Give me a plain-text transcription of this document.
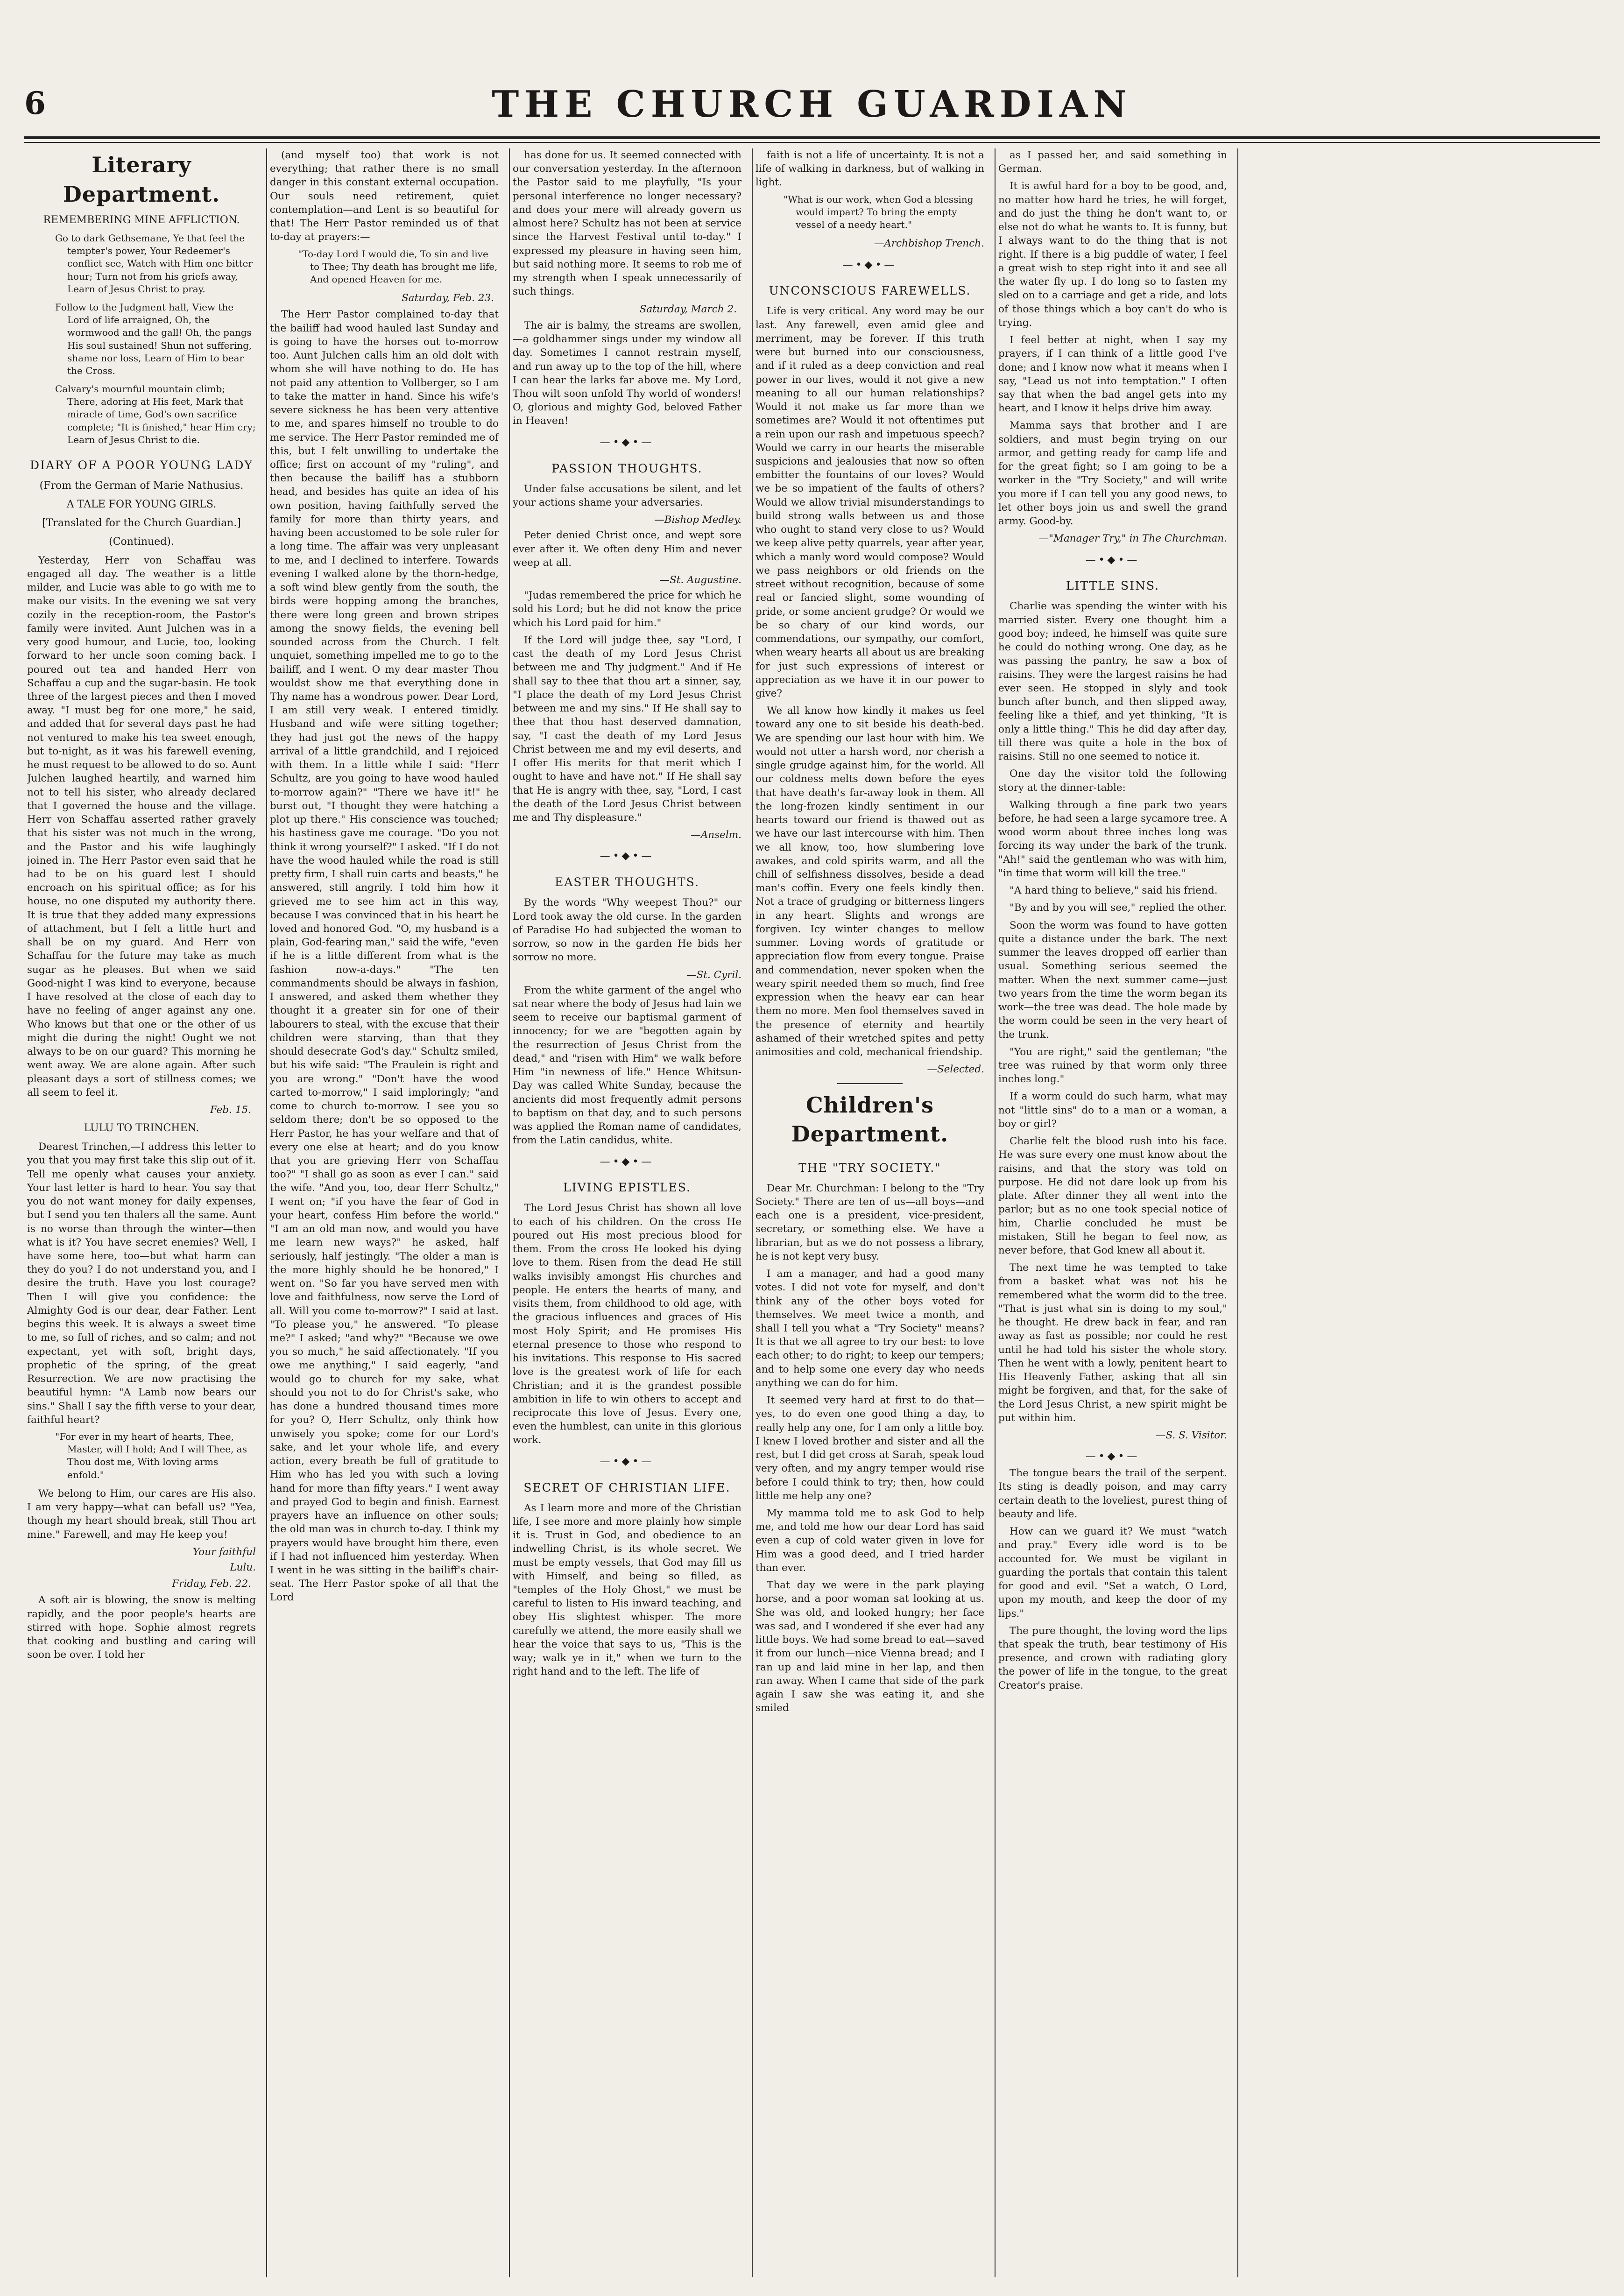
6	THE CHURCH GUARDIAN
Literary Department.
REMEMBERING MINE AFFLICTION.

Go to dark Gethsemane, Ye that feel the tempter's power, Your Redeemer's conflict see, Watch with Him one bitter hour; Turn not from his griefs away, Learn of Jesus Christ to pray.

Follow to the Judgment hall, View the Lord of life arraigned, Oh, the wormwood and the gall! Oh, the pangs His soul sustained! Shun not suffering, shame nor loss, Learn of Him to bear the Cross.

Calvary's mournful mountain climb; There, adoring at His feet, Mark that miracle of time, God's own sacrifice complete; "It is finished," hear Him cry; Learn of Jesus Christ to die.

DIARY OF A POOR YOUNG LADY
(From the German of Marie Nathusius.
A TALE FOR YOUNG GIRLS.
[Translated for the Church Guardian.]
(Continued).

Yesterday, Herr von Schaffau was engaged all day. The weather is a little milder, and Lucie was able to go with me to make our visits. In the evening we sat very cozily in the reception-room, the Pastor's family were invited. Aunt Julchen was in a very good humour, and Lucie, too, looking forward to her uncle soon coming back. I poured out tea and handed Herr von Schaffau a cup and the sugar-basin. He took three of the largest pieces and then I moved away. "I must beg for one more," he said, and added that for several days past he had not ventured to make his tea sweet enough, but to-night, as it was his farewell evening, he must request to be allowed to do so. Aunt Julchen laughed heartily, and warned him not to tell his sister, who already declared that I governed the house and the village. Herr von Schaffau asserted rather gravely that his sister was not much in the wrong, and the Pastor and his wife laughingly joined in. The Herr Pastor even said that he had to be on his guard lest I should encroach on his spiritual office; as for his house, no one disputed my authority there. It is true that they added many expressions of attachment, but I felt a little hurt and shall be on my guard. And Herr von Schaffau for the future may take as much sugar as he pleases. But when we said Good-night I was kind to everyone, because I have resolved at the close of each day to have no feeling of anger against any one. Who knows but that one or the other of us might die during the night! Ought we not always to be on our guard? This morning he went away. We are alone again. After such pleasant days a sort of stillness comes; we all seem to feel it.

Feb. 15.
LULU TO TRINCHEN.

Dearest Trinchen,—I address this letter to you that you may first take this slip out of it. Tell me openly what causes your anxiety. Your last letter is hard to hear. You say that you do not want money for daily expenses, but I send you ten thalers all the same. Aunt is no worse than through the winter—then what is it? You have secret enemies? Well, I have some here, too—but what harm can they do you? I do not understand you, and I desire the truth. Have you lost courage? Then I will give you confidence: the Almighty God is our dear, dear Father. Lent begins this week. It is always a sweet time to me, so full of riches, and so calm; and not expectant, yet with soft, bright days, prophetic of the spring, of the great Resurrection. We are now practising the beautiful hymn: "A Lamb now bears our sins." Shall I say the fifth verse to your dear, faithful heart?

"For ever in my heart of hearts, Thee, Master, will I hold; And I will Thee, as Thou dost me, With loving arms enfold."

We belong to Him, our cares are His also. I am very happy—what can befall us? "Yea, though my heart should break, still Thou art mine." Farewell, and may He keep you!

Your faithful
Lulu.
Friday, Feb. 22.

A soft air is blowing, the snow is melting rapidly, and the poor people's hearts are stirred with hope. Sophie almost regrets that cooking and bustling and caring will soon be over. I told her

(and myself too) that work is not everything; that rather there is no small danger in this constant external occupation. Our souls need retirement, quiet contemplation—and Lent is so beautiful for that! The Herr Pastor reminded us of that to-day at prayers:—

"To-day Lord I would die, To sin and live to Thee; Thy death has brought me life, And opened Heaven for me.

Saturday, Feb. 23.

The Herr Pastor complained to-day that the bailiff had wood hauled last Sunday and is going to have the horses out to-morrow too. Aunt Julchen calls him an old dolt with whom she will have nothing to do. He has not paid any attention to Vollberger, so I am to take the matter in hand. Since his wife's severe sickness he has been very attentive to me, and spares himself no trouble to do me service. The Herr Pastor reminded me of this, but I felt unwilling to undertake the office; first on account of my "ruling", and then because the bailiff has a stubborn head, and besides has quite an idea of his own position, having faithfully served the family for more than thirty years, and having been accustomed to be sole ruler for a long time. The affair was very unpleasant to me, and I declined to interfere. Towards evening I walked alone by the thorn-hedge, a soft wind blew gently from the south, the birds were hopping among the branches, there were long green and brown stripes among the snowy fields, the evening bell sounded across from the Church. I felt unquiet, something impelled me to go to the bailiff, and I went. O my dear master Thou wouldst show me that everything done in Thy name has a wondrous power. Dear Lord, I am still very weak. I entered timidly. Husband and wife were sitting together; they had just got the news of the happy arrival of a little grandchild, and I rejoiced with them. In a little while I said: "Herr Schultz, are you going to have wood hauled to-morrow again?" "There we have it!" he burst out, "I thought they were hatching a plot up there." His conscience was touched; his hastiness gave me courage. "Do you not think it wrong yourself?" I asked. "If I do not have the wood hauled while the road is still pretty firm, I shall ruin carts and beasts," he answered, still angrily. I told him how it grieved me to see him act in this way, because I was convinced that in his heart he loved and honored God. "O, my husband is a plain, God-fearing man," said the wife, "even if he is a little different from what is the fashion now-a-days." "The ten commandments should be always in fashion, I answered, and asked them whether they thought it a greater sin for one of their labourers to steal, with the excuse that their children were starving, than that they should desecrate God's day." Schultz smiled, but his wife said: "The Fraulein is right and you are wrong." "Don't have the wood carted to-morrow," I said imploringly; "and come to church to-morrow. I see you so seldom there; don't be so opposed to the Herr Pastor, he has your welfare and that of every one else at heart; and do you know that you are grieving Herr von Schaffau too?" "I shall go as soon as ever I can." said the wife. "And you, too, dear Herr Schultz," I went on; "if you have the fear of God in your heart, confess Him before the world." "I am an old man now, and would you have me learn new ways?" he asked, half seriously, half jestingly. "The older a man is the more highly should he be honored," I went on. "So far you have served men with love and faithfulness, now serve the Lord of all. Will you come to-morrow?" I said at last. "To please you," he answered. "To please me?" I asked; "and why?" "Because we owe you so much," he said affectionately. "If you owe me anything," I said eagerly, "and would go to church for my sake, what should you not to do for Christ's sake, who has done a hundred thousand times more for you? O, Herr Schultz, only think how unwisely you spoke; come for our Lord's sake, and let your whole life, and every action, every breath be full of gratitude to Him who has led you with such a loving hand for more than fifty years." I went away and prayed God to begin and finish. Earnest prayers have an influence on other souls; the old man was in church to-day. I think my prayers would have brought him there, even if I had not influenced him yesterday. When I went in he was sitting in the bailiff's chair-seat. The Herr Pastor spoke of all that the Lord

has done for us. It seemed connected with our conversation yesterday. In the afternoon the Pastor said to me playfully, "Is your personal interference no longer necessary? and does your mere will already govern us almost here? Schultz has not been at service since the Harvest Festival until to-day." I expressed my pleasure in having seen him, but said nothing more. It seems to rob me of my strength when I speak unnecessarily of such things.

Saturday, March 2.

The air is balmy, the streams are swollen,—a goldhammer sings under my window all day. Sometimes I cannot restrain myself, and run away up to the top of the hill, where I can hear the larks far above me. My Lord, Thou wilt soon unfold Thy world of wonders! O, glorious and mighty God, beloved Father in Heaven!

—•◆•—
PASSION THOUGHTS.

Under false accusations be silent, and let your actions shame your adversaries.

—Bishop Medley.

Peter denied Christ once, and wept sore ever after it. We often deny Him and never weep at all.

—St. Augustine.

"Judas remembered the price for which he sold his Lord; but he did not know the price which his Lord paid for him."

If the Lord will judge thee, say "Lord, I cast the death of my Lord Jesus Christ between me and Thy judgment." And if He shall say to thee that thou art a sinner, say, "I place the death of my Lord Jesus Christ between me and my sins." If He shall say to thee that thou hast deserved damnation, say, "I cast the death of my Lord Jesus Christ between me and my evil deserts, and I offer His merits for that merit which I ought to have and have not." If He shall say that He is angry with thee, say, "Lord, I cast the death of the Lord Jesus Christ between me and Thy displeasure."

—Anselm.
—•◆•—
EASTER THOUGHTS.

By the words "Why weepest Thou?" our Lord took away the old curse. In the garden of Paradise Ho had subjected the woman to sorrow, so now in the garden He bids her sorrow no more.

—St. Cyril.

From the white garment of the angel who sat near where the body of Jesus had lain we seem to receive our baptismal garment of innocency; for we are "begotten again by the resurrection of Jesus Christ from the dead," and "risen with Him" we walk before Him "in newness of life." Hence Whitsun-Day was called White Sunday, because the ancients did most frequently admit persons to baptism on that day, and to such persons was applied the Roman name of candidates, from the Latin candidus, white.

—•◆•—
LIVING EPISTLES.

The Lord Jesus Christ has shown all love to each of his children. On the cross He poured out His most precious blood for them. From the cross He looked his dying love to them. Risen from the dead He still walks invisibly amongst His churches and people. He enters the hearts of many, and visits them, from childhood to old age, with the gracious influences and graces of His most Holy Spirit; and He promises His eternal presence to those who respond to his invitations. This response to His sacred love is the greatest work of life for each Christian; and it is the grandest possible ambition in life to win others to accept and reciprocate this love of Jesus. Every one, even the humblest, can unite in this glorious work.

—•◆•—
SECRET OF CHRISTIAN LIFE.

As I learn more and more of the Christian life, I see more and more plainly how simple it is. Trust in God, and obedience to an indwelling Christ, is its whole secret. We must be empty vessels, that God may fill us with Himself, and being so filled, as "temples of the Holy Ghost," we must be careful to listen to His inward teaching, and obey His slightest whisper. The more carefully we attend, the more easily shall we hear the voice that says to us, "This is the way; walk ye in it," when we turn to the right hand and to the left. The life of

faith is not a life of uncertainty. It is not a life of walking in darkness, but of walking in light.

"What is our work, when God a blessing would impart? To bring the empty vessel of a needy heart."

—Archbishop Trench.
—•◆•—
UNCONSCIOUS FAREWELLS.

Life is very critical. Any word may be our last. Any farewell, even amid glee and merriment, may be forever. If this truth were but burned into our consciousness, and if it ruled as a deep conviction and real power in our lives, would it not give a new meaning to all our human relationships? Would it not make us far more than we sometimes are? Would it not oftentimes put a rein upon our rash and impetuous speech? Would we carry in our hearts the miserable suspicions and jealousies that now so often embitter the fountains of our loves? Would we be so impatient of the faults of others? Would we allow trivial misunderstandings to build strong walls between us and those who ought to stand very close to us? Would we keep alive petty quarrels, year after year, which a manly word would compose? Would we pass neighbors or old friends on the street without recognition, because of some real or fancied slight, some wounding of pride, or some ancient grudge? Or would we be so chary of our kind words, our commendations, our sympathy, our comfort, when weary hearts all about us are breaking for just such expressions of interest or appreciation as we have it in our power to give?

We all know how kindly it makes us feel toward any one to sit beside his death-bed. We are spending our last hour with him. We would not utter a harsh word, nor cherish a single grudge against him, for the world. All our coldness melts down before the eyes that have death's far-away look in them. All the long-frozen kindly sentiment in our hearts toward our friend is thawed out as we have our last intercourse with him. Then we all know, too, how slumbering love awakes, and cold spirits warm, and all the chill of selfishness dissolves, beside a dead man's coffin. Every one feels kindly then. Not a trace of grudging or bitterness lingers in any heart. Slights and wrongs are forgiven. Icy winter changes to mellow summer. Loving words of gratitude or appreciation flow from every tongue. Praise and commendation, never spoken when the weary spirit needed them so much, find free expression when the heavy ear can hear them no more. Men fool themselves saved in the presence of eternity and heartily ashamed of their wretched spites and petty animosities and cold, mechanical friendship.

—Selected.
Children's Department.
THE "TRY SOCIETY."

Dear Mr. Churchman: I belong to the "Try Society." There are ten of us—all boys—and each one is a president, vice-president, secretary, or something else. We have a librarian, but as we do not possess a library, he is not kept very busy.

I am a manager, and had a good many votes. I did not vote for myself, and don't think any of the other boys voted for themselves. We meet twice a month, and shall I tell you what a "Try Society" means? It is that we all agree to try our best: to love each other; to do right; to keep our tempers; and to help some one every day who needs anything we can do for him.

It seemed very hard at first to do that—yes, to do even one good thing a day, to really help any one, for I am only a little boy. I knew I loved brother and sister and all the rest, but I did get cross at Sarah, speak loud very often, and my angry temper would rise before I could think to try; then, how could little me help any one?

My mamma told me to ask God to help me, and told me how our dear Lord has said even a cup of cold water given in love for Him was a good deed, and I tried harder than ever.

That day we were in the park playing horse, and a poor woman sat looking at us. She was old, and looked hungry; her face was sad, and I wondered if she ever had any little boys. We had some bread to eat—saved it from our lunch—nice Vienna bread; and I ran up and laid mine in her lap, and then ran away. When I came that side of the park again I saw she was eating it, and she smiled

as I passed her, and said something in German.

It is awful hard for a boy to be good, and, no matter how hard he tries, he will forget, and do just the thing he don't want to, or else not do what he wants to. It is funny, but I always want to do the thing that is not right. If there is a big puddle of water, I feel a great wish to step right into it and see all the water fly up. I do long so to fasten my sled on to a carriage and get a ride, and lots of those things which a boy can't do who is trying.

I feel better at night, when I say my prayers, if I can think of a little good I've done; and I know now what it means when I say, "Lead us not into temptation." I often say that when the bad angel gets into my heart, and I know it helps drive him away.

Mamma says that brother and I are soldiers, and must begin trying on our armor, and getting ready for camp life and for the great fight; so I am going to be a worker in the "Try Society," and will write you more if I can tell you any good news, to let other boys join us and swell the grand army. Good-by.

—"Manager Try," in The Churchman.
—•◆•—
LITTLE SINS.

Charlie was spending the winter with his married sister. Every one thought him a good boy; indeed, he himself was quite sure he could do nothing wrong. One day, as he was passing the pantry, he saw a box of raisins. They were the largest raisins he had ever seen. He stopped in slyly and took bunch after bunch, and then slipped away, feeling like a thief, and yet thinking, "It is only a little thing." This he did day after day, till there was quite a hole in the box of raisins. Still no one seemed to notice it.

One day the visitor told the following story at the dinner-table:

Walking through a fine park two years before, he had seen a large sycamore tree. A wood worm about three inches long was forcing its way under the bark of the trunk. "Ah!" said the gentleman who was with him, "in time that worm will kill the tree."

"A hard thing to believe," said his friend.

"By and by you will see," replied the other.

Soon the worm was found to have gotten quite a distance under the bark. The next summer the leaves dropped off earlier than usual. Something serious seemed the matter. When the next summer came—just two years from the time the worm began its work—the tree was dead. The hole made by the worm could be seen in the very heart of the trunk.

"You are right," said the gentleman; "the tree was ruined by that worm only three inches long."

If a worm could do such harm, what may not "little sins" do to a man or a woman, a boy or girl?

Charlie felt the blood rush into his face. He was sure every one must know about the raisins, and that the story was told on purpose. He did not dare look up from his plate. After dinner they all went into the parlor; but as no one took special notice of him, Charlie concluded he must be mistaken, Still he began to feel now, as never before, that God knew all about it.

The next time he was tempted to take from a basket what was not his he remembered what the worm did to the tree. "That is just what sin is doing to my soul," he thought. He drew back in fear, and ran away as fast as possible; nor could he rest until he had told his sister the whole story. Then he went with a lowly, penitent heart to His Heavenly Father, asking that all sin might be forgiven, and that, for the sake of the Lord Jesus Christ, a new spirit might be put within him.

—S. S. Visitor.
—•◆•—

The tongue bears the trail of the serpent. Its sting is deadly poison, and may carry certain death to the loveliest, purest thing of beauty and life.

How can we guard it? We must "watch and pray." Every idle word is to be accounted for. We must be vigilant in guarding the portals that contain this talent for good and evil. "Set a watch, O Lord, upon my mouth, and keep the door of my lips."

The pure thought, the loving word the lips that speak the truth, bear testimony of His presence, and crown with radiating glory the power of life in the tongue, to the great Creator's praise.
